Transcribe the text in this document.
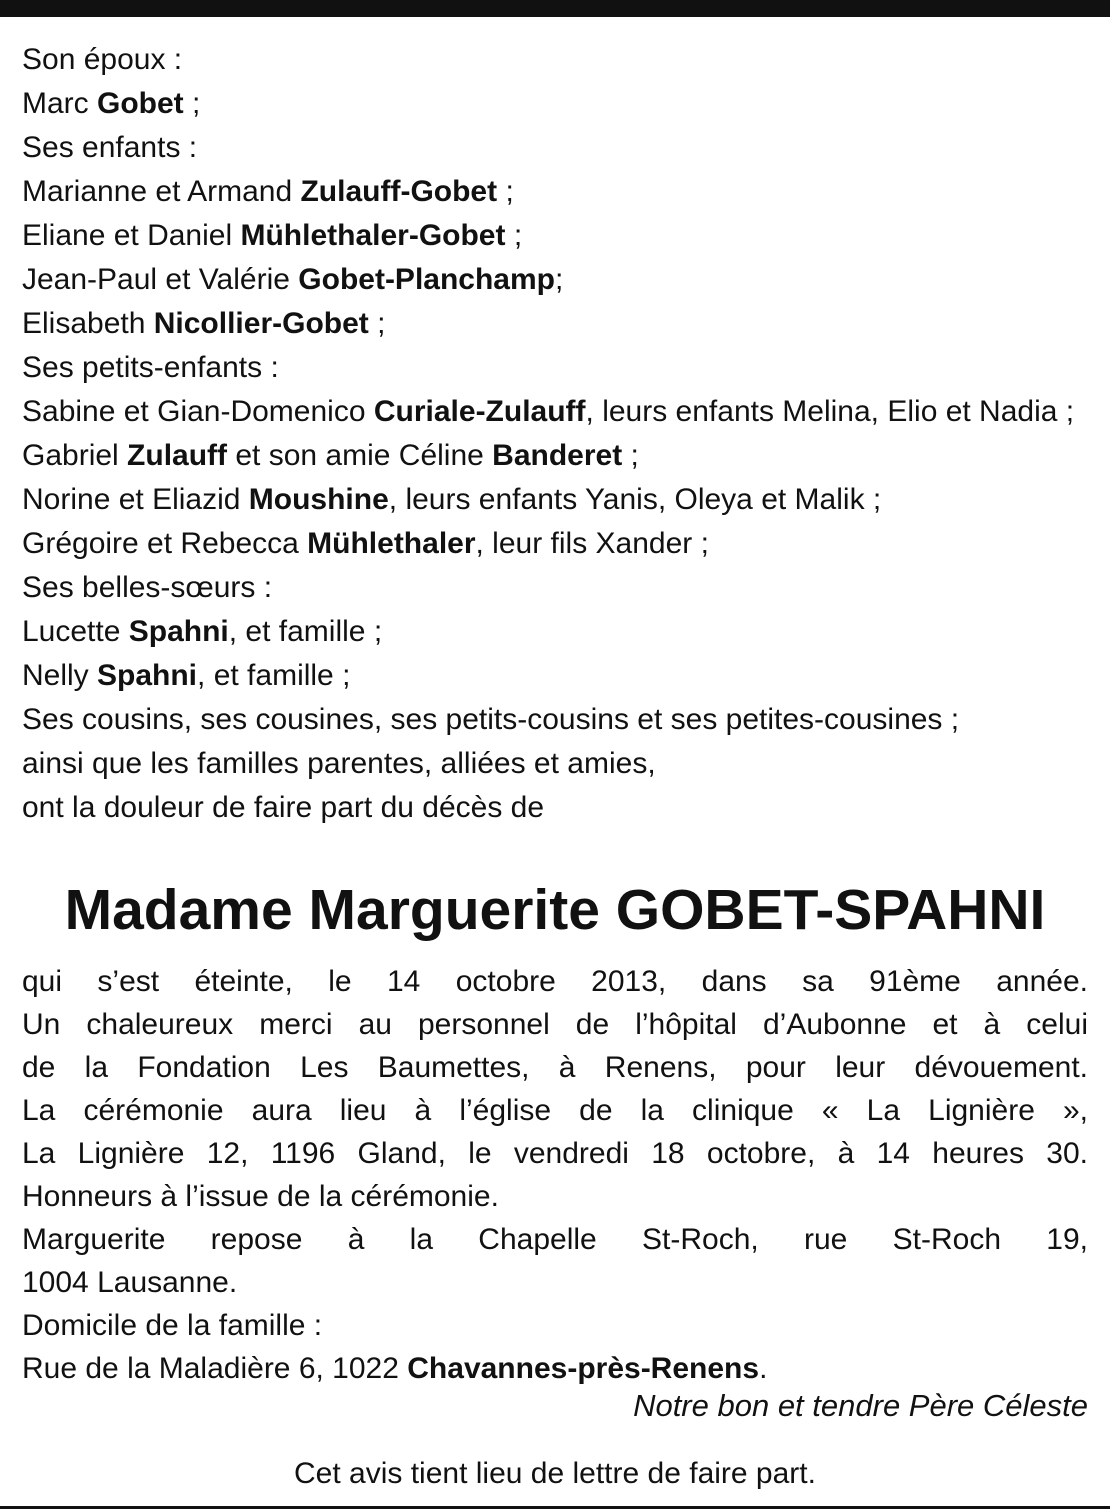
Son époux :
Marc Gobet ;
Ses enfants :
Marianne et Armand Zulauff-Gobet ;
Eliane et Daniel Mühlethaler-Gobet ;
Jean-Paul et Valérie Gobet-Planchamp;
Elisabeth Nicollier-Gobet ;
Ses petits-enfants :
Sabine et Gian-Domenico Curiale-Zulauff, leurs enfants Melina, Elio et Nadia ;
Gabriel Zulauff et son amie Céline Banderet ;
Norine et Eliazid Moushine, leurs enfants Yanis, Oleya et Malik ;
Grégoire et Rebecca Mühlethaler, leur fils Xander ;
Ses belles-sœurs :
Lucette Spahni, et famille ;
Nelly Spahni, et famille ;
Ses cousins, ses cousines, ses petits-cousins et ses petites-cousines ;
ainsi que les familles parentes, alliées et amies,
ont la douleur de faire part du décès de
Madame Marguerite GOBET-SPAHNI
qui s’est éteinte, le 14 octobre 2013, dans sa 91ème année.
Un chaleureux merci au personnel de l’hôpital d’Aubonne et à celui
de la Fondation Les Baumettes, à Renens, pour leur dévouement.
La cérémonie aura lieu à l’église de la clinique « La Lignière »,
La Lignière 12, 1196 Gland, le vendredi 18 octobre, à 14 heures 30.
Honneurs à l’issue de la cérémonie.
Marguerite repose à la Chapelle St-Roch, rue St-Roch 19,
1004 Lausanne.
Domicile de la famille :
Rue de la Maladière 6, 1022 Chavannes-près-Renens.
Notre bon et tendre Père Céleste
Cet avis tient lieu de lettre de faire part.
